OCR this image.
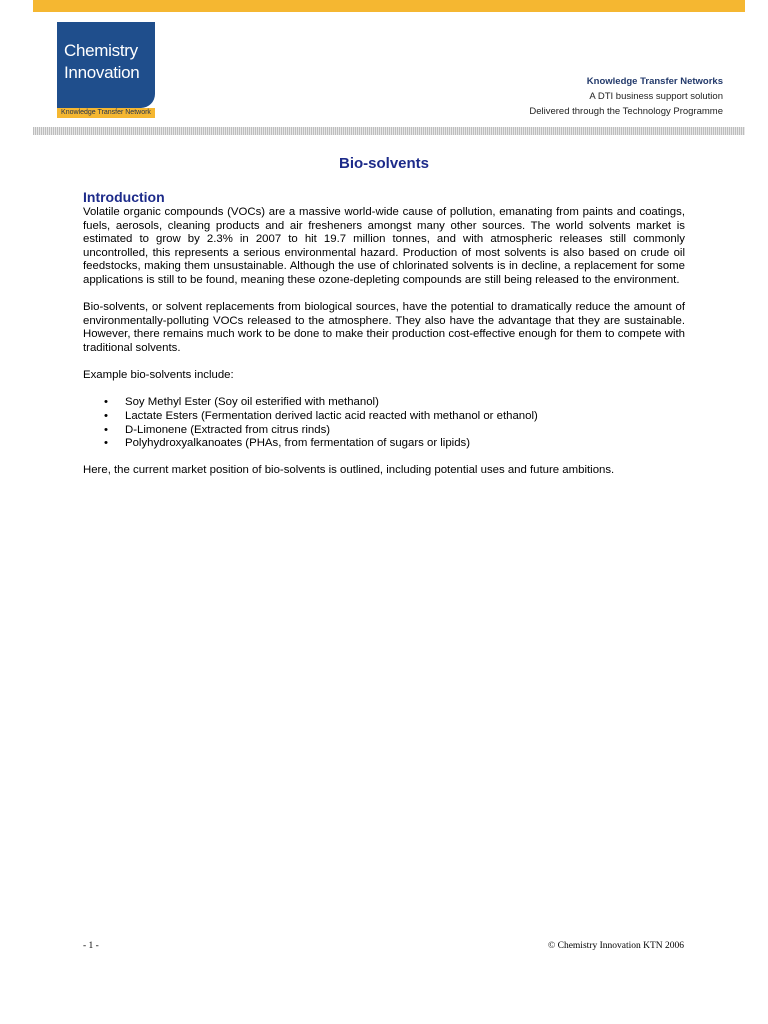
Chemistry
Innovation
Knowledge Transfer Network
Knowledge Transfer Networks
A DTI business support solution
Delivered through the Technology Programme
Bio-solvents
Introduction

Volatile organic compounds (VOCs) are a massive world-wide cause of pollution, emanating from paints and coatings, fuels, aerosols, cleaning products and air fresheners amongst many other sources. The world solvents market is estimated to grow by 2.3% in 2007 to hit 19.7 million tonnes, and with atmospheric releases still commonly uncontrolled, this represents a serious environmental hazard. Production of most solvents is also based on crude oil feedstocks, making them unsustainable. Although the use of chlorinated solvents is in decline, a replacement for some applications is still to be found, meaning these ozone-depleting compounds are still being released to the environment.

Bio-solvents, or solvent replacements from biological sources, have the potential to dramatically reduce the amount of environmentally-polluting VOCs released to the atmosphere. They also have the advantage that they are sustainable. However, there remains much work to be done to make their production cost-effective enough for them to compete with traditional solvents.

Example bio-solvents include:

• Soy Methyl Ester (Soy oil esterified with methanol)
• Lactate Esters (Fermentation derived lactic acid reacted with methanol or ethanol)
• D-Limonene (Extracted from citrus rinds)
• Polyhydroxyalkanoates (PHAs, from fermentation of sugars or lipids)

Here, the current market position of bio-solvents is outlined, including potential uses and future ambitions.

- 1 -	© Chemistry Innovation KTN 2006
